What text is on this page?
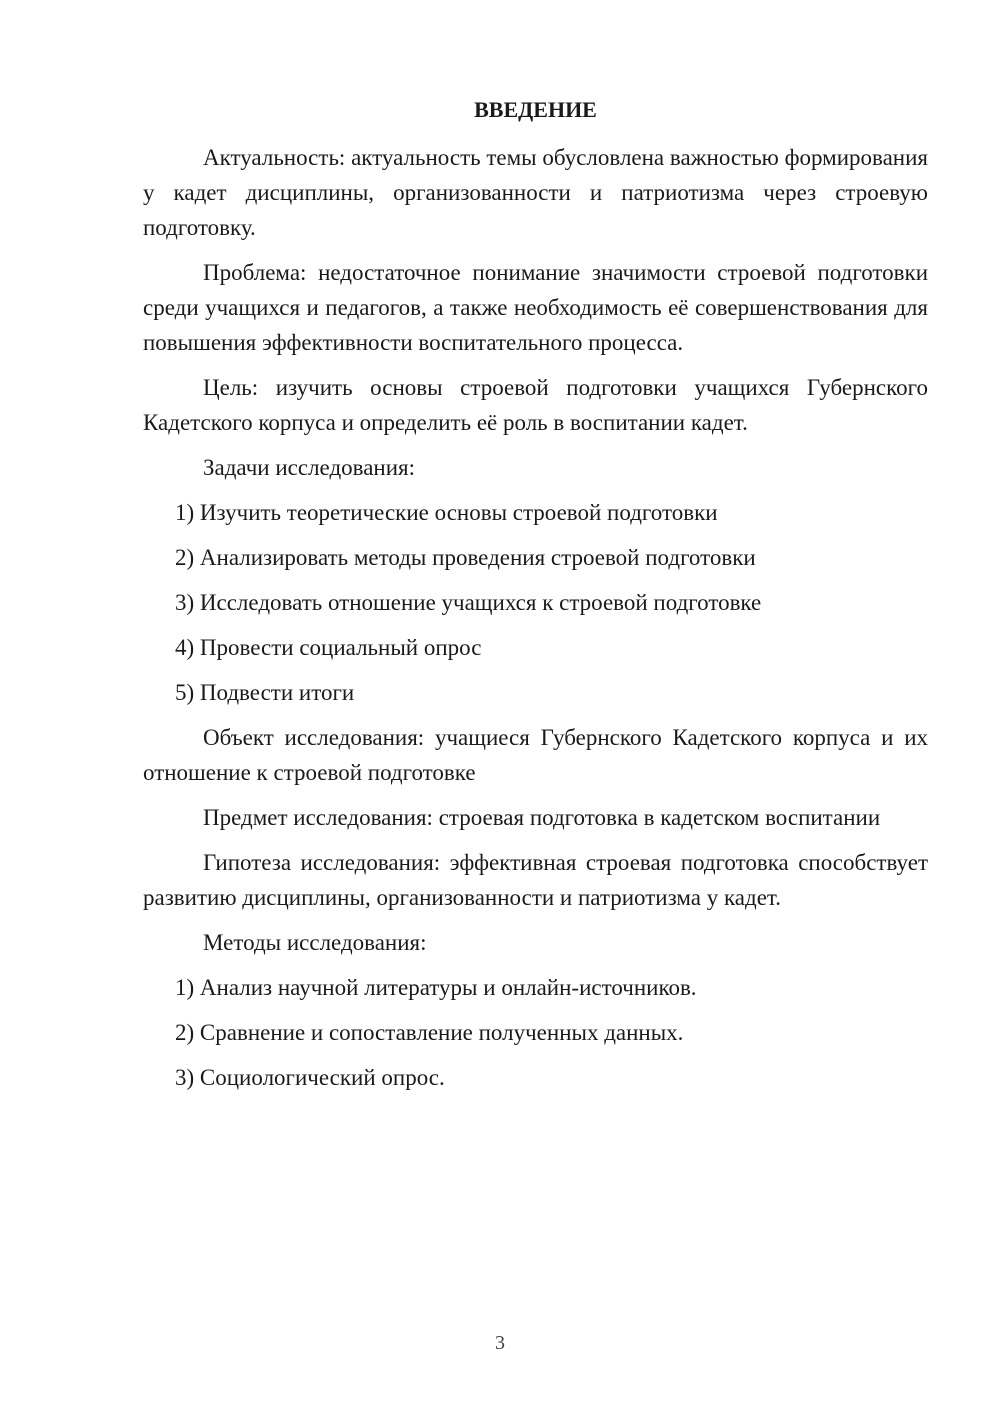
ВВЕДЕНИЕ

Актуальность: актуальность темы обусловлена важностью формирования у кадет дисциплины, организованности и патриотизма через строевую подготовку.

Проблема: недостаточное понимание значимости строевой подготовки среди учащихся и педагогов, а также необходимость её совершенствования для повышения эффективности воспитательного процесса.

Цель: изучить основы строевой подготовки учащихся Губернского Кадетского корпуса и определить её роль в воспитании кадет.

Задачи исследования:

1) Изучить теоретические основы строевой подготовки
2) Анализировать методы проведения строевой подготовки
3) Исследовать отношение учащихся к строевой подготовке
4) Провести социальный опрос
5) Подвести итоги

Объект исследования: учащиеся Губернского Кадетского корпуса и их отношение к строевой подготовке

Предмет исследования: строевая подготовка в кадетском воспитании

Гипотеза исследования: эффективная строевая подготовка способствует развитию дисциплины, организованности и патриотизма у кадет.

Методы исследования:

1) Анализ научной литературы и онлайн-источников.
2) Сравнение и сопоставление полученных данных.
3) Социологический опрос.
3
